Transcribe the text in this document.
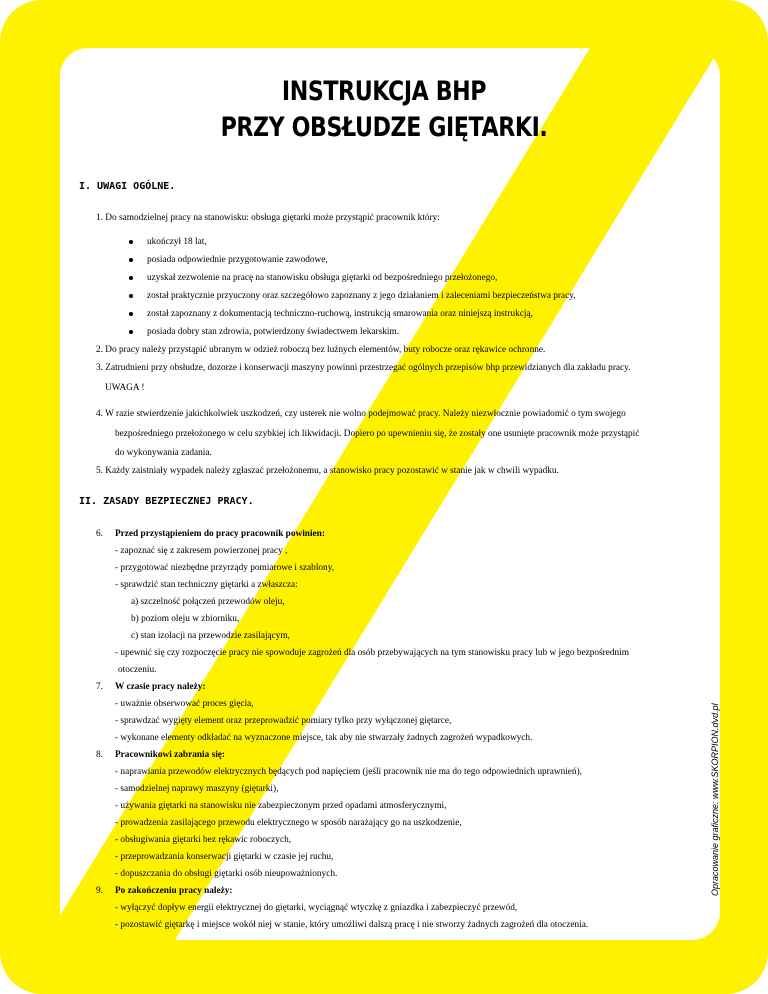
INSTRUKCJA BHP
PRZY OBSŁUDZE GIĘTARKI.
I. UWAGI OGÓLNE.
1. Do samodzielnej pracy na stanowisku: obsługa giętarki może przystąpić pracownik który:
ukończył 18 lat,
posiada odpowiednie przygotowanie zawodowe,
uzyskał zezwolenie na pracę na stanowisku obsługa giętarki od bezpośredniego przełożonego,
został praktycznie przyuczony oraz szczegółowo zapoznany z jego działaniem i zaleceniami bezpieczeństwa pracy,
został zapoznany z dokumentacją techniczno-ruchową, instrukcją smarowania oraz niniejszą instrukcją,
posiada dobry stan zdrowia, potwierdzony świadectwem lekarskim.
2. Do pracy należy przystąpić ubranym w odzież roboczą bez luźnych elementów, buty robocze oraz rękawice ochronne.
3. Zatrudnieni przy obsłudze, dozorze i konserwacji maszyny powinni przestrzegać ogólnych przepisów bhp przewidzianych dla zakładu pracy.
UWAGA !
4. W razie stwierdzenie jakichkolwiek uszkodzeń, czy usterek nie wolno podejmować pracy. Należy niezwłocznie powiadomić o tym swojego
bezpośredniego przełożonego w celu szybkiej ich likwidacji. Dopiero po upewnieniu się, że zostały one usunięte pracownik może przystąpić
do wykonywania zadania.
5. Każdy zaistniały wypadek należy zgłaszać przełożonemu, a stanowisko pracy pozostawić w stanie jak w chwili wypadku.
II. ZASADY BEZPIECZNEJ PRACY.
6. Przed przystąpieniem do pracy pracownik powinien:
- zapoznać się z zakresem powierzonej pracy ,
- przygotować niezbędne przyrządy pomiarowe i szablony,
- sprawdzić stan techniczny giętarki a zwłaszcza:
a) szczelność połączeń przewodów oleju,
b) poziom oleju w zbiorniku,
c) stan izolacji na przewodzie zasilającym,
- upewnić się czy rozpoczęcie pracy nie spowoduje zagrożeń dla osób przebywających na tym stanowisku pracy lub w jego bezpośrednim
otoczeniu.
7. W czasie pracy należy:
- uważnie obserwować proces gięcia,
- sprawdzać wygięty element oraz przeprowadzić pomiary tylko przy wyłączonej giętarce,
- wykonane elementy odkładać na wyznaczone miejsce, tak aby nie stwarzały żadnych zagrożeń wypadkowych.
8. Pracownikowi zabrania się:
- naprawiania przewodów elektrycznych będących pod napięciem (jeśli pracownik nie ma do tego odpowiednich uprawnień),
- samodzielnej naprawy maszyny (giętarki),
- używania giętarki na stanowisku nie zabezpieczonym przed opadami atmosferycznymi,
- prowadzenia zasilającego przewodu elektrycznego w sposób narażający go na uszkodzenie,
- obsługiwania giętarki bez rękawic roboczych,
- przeprowadzania konserwacji giętarki w czasie jej ruchu,
- dopuszczania do obsługi giętarki osób nieupoważnionych.
9. Po zakończeniu pracy należy:
- wyłączyć dopływ energii elektrycznej do giętarki, wyciągnąć wtyczkę z gniazdka i zabezpieczyć przewód,
- pozostawić giętarkę i miejsce wokół niej w stanie, który umożliwi dalszą pracę i nie stworzy żadnych zagrożeń dla otoczenia.
Opracowanie graficzne: www.SKORPION.dvd.pl
